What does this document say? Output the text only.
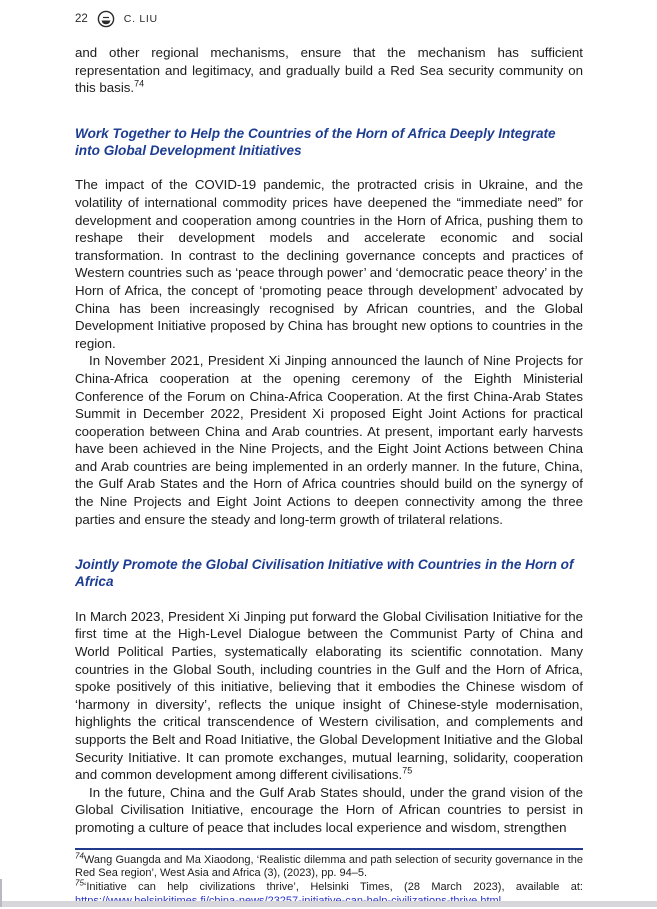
22	C. LIU

and other regional mechanisms, ensure that the mechanism has sufficient representation and legitimacy, and gradually build a Red Sea security community on this basis.$^{74}$

Work Together to Help the Countries of the Horn of Africa Deeply Integrate into Global Development Initiatives

The impact of the COVID-19 pandemic, the protracted crisis in Ukraine, and the volatility of international commodity prices have deepened the “immediate need” for development and cooperation among countries in the Horn of Africa, pushing them to reshape their development models and accelerate economic and social transformation. In contrast to the declining governance concepts and practices of Western countries such as ‘peace through power’ and ‘democratic peace theory’ in the Horn of Africa, the concept of ‘promoting peace through development’ advocated by China has been increasingly recognised by African countries, and the Global Development Initiative proposed by China has brought new options to countries in the region.

In November 2021, President Xi Jinping announced the launch of Nine Projects for China-Africa cooperation at the opening ceremony of the Eighth Ministerial Conference of the Forum on China-Africa Cooperation. At the first China-Arab States Summit in December 2022, President Xi proposed Eight Joint Actions for practical cooperation between China and Arab countries. At present, important early harvests have been achieved in the Nine Projects, and the Eight Joint Actions between China and Arab countries are being implemented in an orderly manner. In the future, China, the Gulf Arab States and the Horn of Africa countries should build on the synergy of the Nine Projects and Eight Joint Actions to deepen connectivity among the three parties and ensure the steady and long-term growth of trilateral relations.

Jointly Promote the Global Civilisation Initiative with Countries in the Horn of Africa

In March 2023, President Xi Jinping put forward the Global Civilisation Initiative for the first time at the High-Level Dialogue between the Communist Party of China and World Political Parties, systematically elaborating its scientific connotation. Many countries in the Global South, including countries in the Gulf and the Horn of Africa, spoke positively of this initiative, believing that it embodies the Chinese wisdom of ‘harmony in diversity’, reflects the unique insight of Chinese-style modernisation, highlights the critical transcendence of Western civilisation, and complements and supports the Belt and Road Initiative, the Global Development Initiative and the Global Security Initiative. It can promote exchanges, mutual learning, solidarity, cooperation and common development among different civilisations.$^{75}$

In the future, China and the Gulf Arab States should, under the grand vision of the Global Civilisation Initiative, encourage the Horn of African countries to persist in promoting a culture of peace that includes local experience and wisdom, strengthen

$^{74}$Wang Guangda and Ma Xiaodong, ‘Realistic dilemma and path selection of security governance in the Red Sea region’, West Asia and Africa (3), (2023), pp. 94–5.
$^{75}$‘Initiative can help civilizations thrive’, Helsinki Times, (28 March 2023), available at:
